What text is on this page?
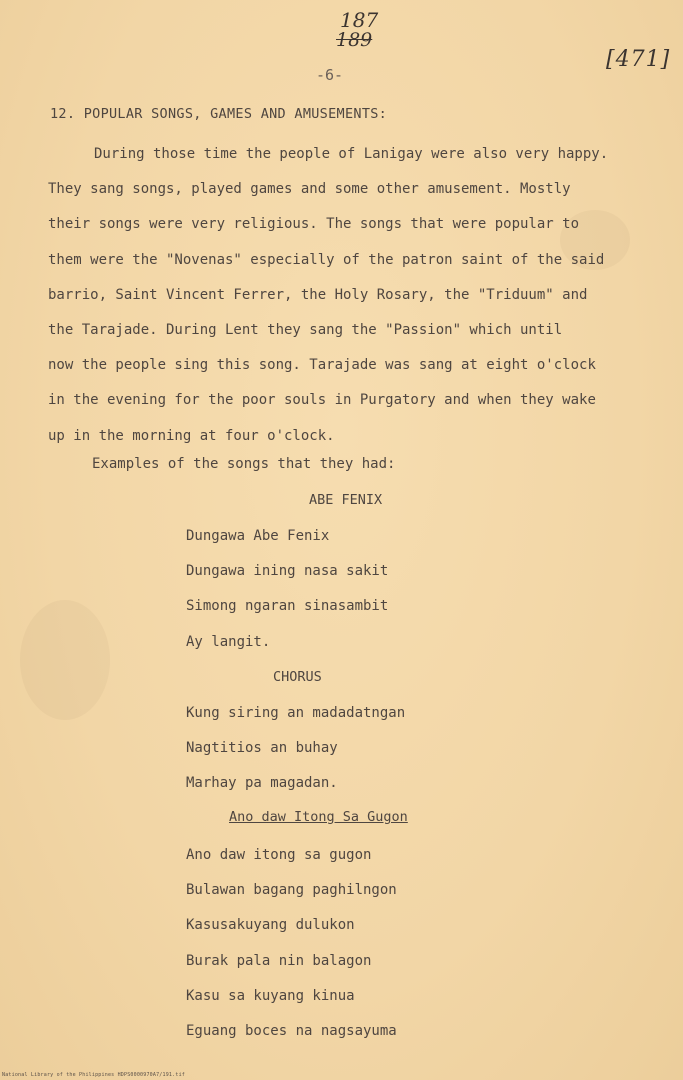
187
189
[471]
-6-
12. POPULAR SONGS, GAMES AND AMUSEMENTS:
During those time the people of Lanigay were also very happy.
They sang songs, played games and some other amusement. Mostly
their songs were very religious. The songs that were popular to
them were the "Novenas" especially of the patron saint of the said
barrio, Saint Vincent Ferrer, the Holy Rosary, the "Triduum" and
the Tarajade. During Lent they sang the "Passion" which until
now the people sing this song. Tarajade was sang at eight o'clock
in the evening for the poor souls in Purgatory and when they wake
up in the morning at four o'clock.
Examples of the songs that they had:
ABE FENIX
Dungawa Abe Fenix
Dungawa ining nasa sakit
Simong ngaran sinasambit
Ay langit.
CHORUS
Kung siring an madadatngan
Nagtitios an buhay
Marhay pa magadan.
Ano daw Itong Sa Gugon
Ano daw itong sa gugon
Bulawan bagang paghilngon
Kasusakuyang dulukon
Burak pala nin balagon
Kasu sa kuyang kinua
Eguang boces na nagsayuma
National Library of the Philippines HDPS0000970A7/191.tif
